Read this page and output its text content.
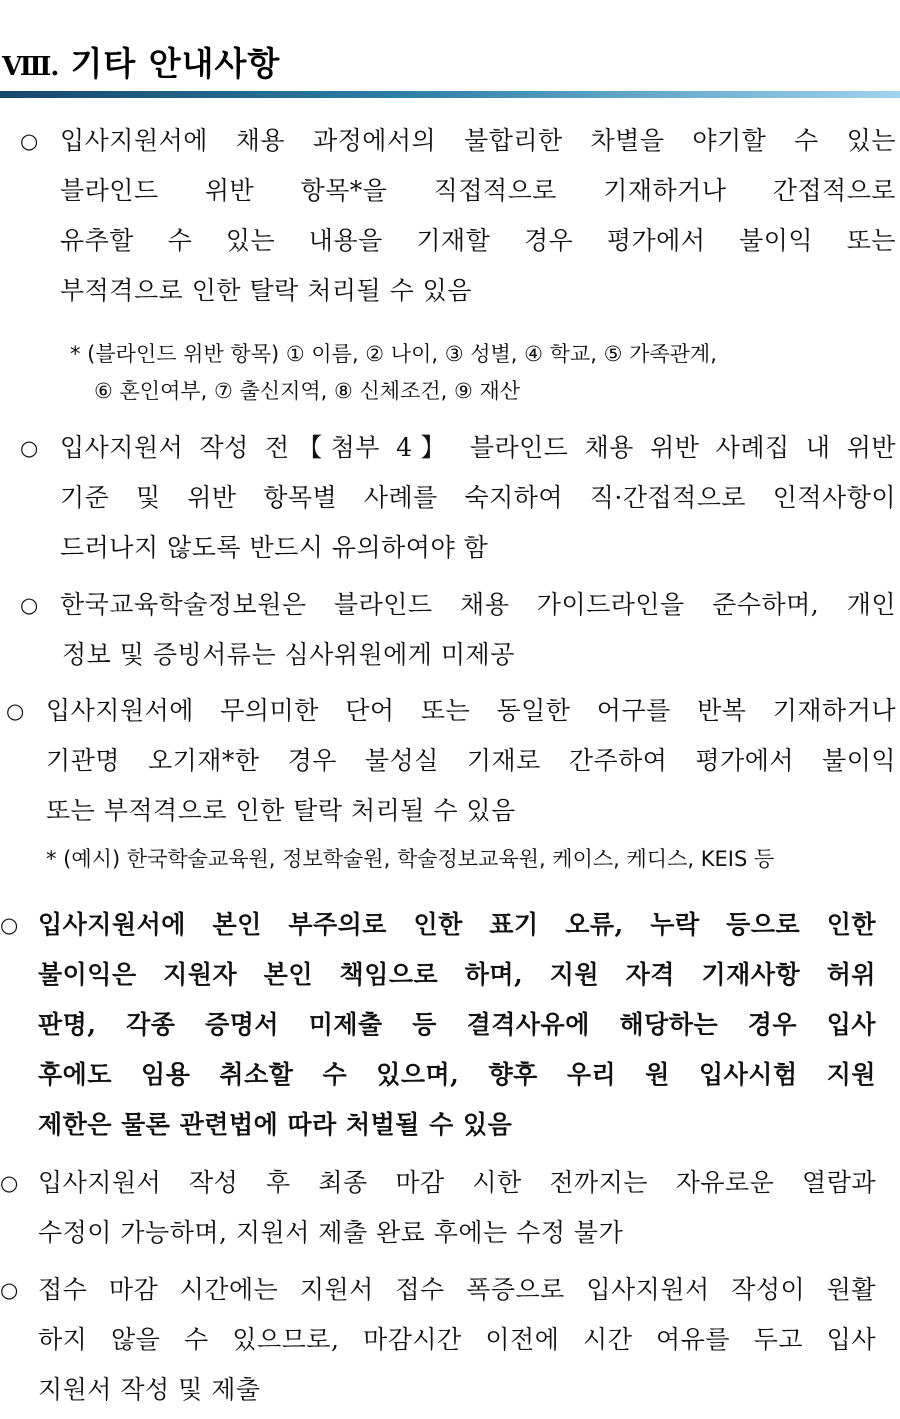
Ⅷ. 기타 안내사항
○ 입사지원서에 채용 과정에서의 불합리한 차별을 야기할 수 있는
블라인드 위반 항목*을 직접적으로 기재하거나 간접적으로
유추할 수 있는 내용을 기재할 경우 평가에서 불이익 또는
부적격으로 인한 탈락 처리될 수 있음
* (블라인드 위반 항목) ① 이름, ② 나이, ③ 성별, ④ 학교, ⑤ 가족관계,
⑥ 혼인여부, ⑦ 출신지역, ⑧ 신체조건, ⑨ 재산
○ 입사지원서 작성 전【첨부 4】 블라인드 채용 위반 사례집 내 위반
기준 및 위반 항목별 사례를 숙지하여 직·간접적으로 인적사항이
드러나지 않도록 반드시 유의하여야 함
○ 한국교육학술정보원은 블라인드 채용 가이드라인을 준수하며, 개인
정보 및 증빙서류는 심사위원에게 미제공
○ 입사지원서에 무의미한 단어 또는 동일한 어구를 반복 기재하거나
기관명 오기재*한 경우 불성실 기재로 간주하여 평가에서 불이익
또는 부적격으로 인한 탈락 처리될 수 있음
* (예시) 한국학술교육원, 정보학술원, 학술정보교육원, 케이스, 케디스, KEIS 등
○ 입사지원서에 본인 부주의로 인한 표기 오류, 누락 등으로 인한
불이익은 지원자 본인 책임으로 하며, 지원 자격 기재사항 허위
판명, 각종 증명서 미제출 등 결격사유에 해당하는 경우 입사
후에도 임용 취소할 수 있으며, 향후 우리 원 입사시험 지원
제한은 물론 관련법에 따라 처벌될 수 있음
○ 입사지원서 작성 후 최종 마감 시한 전까지는 자유로운 열람과
수정이 가능하며, 지원서 제출 완료 후에는 수정 불가
○ 접수 마감 시간에는 지원서 접수 폭증으로 입사지원서 작성이 원활
하지 않을 수 있으므로, 마감시간 이전에 시간 여유를 두고 입사
지원서 작성 및 제출
